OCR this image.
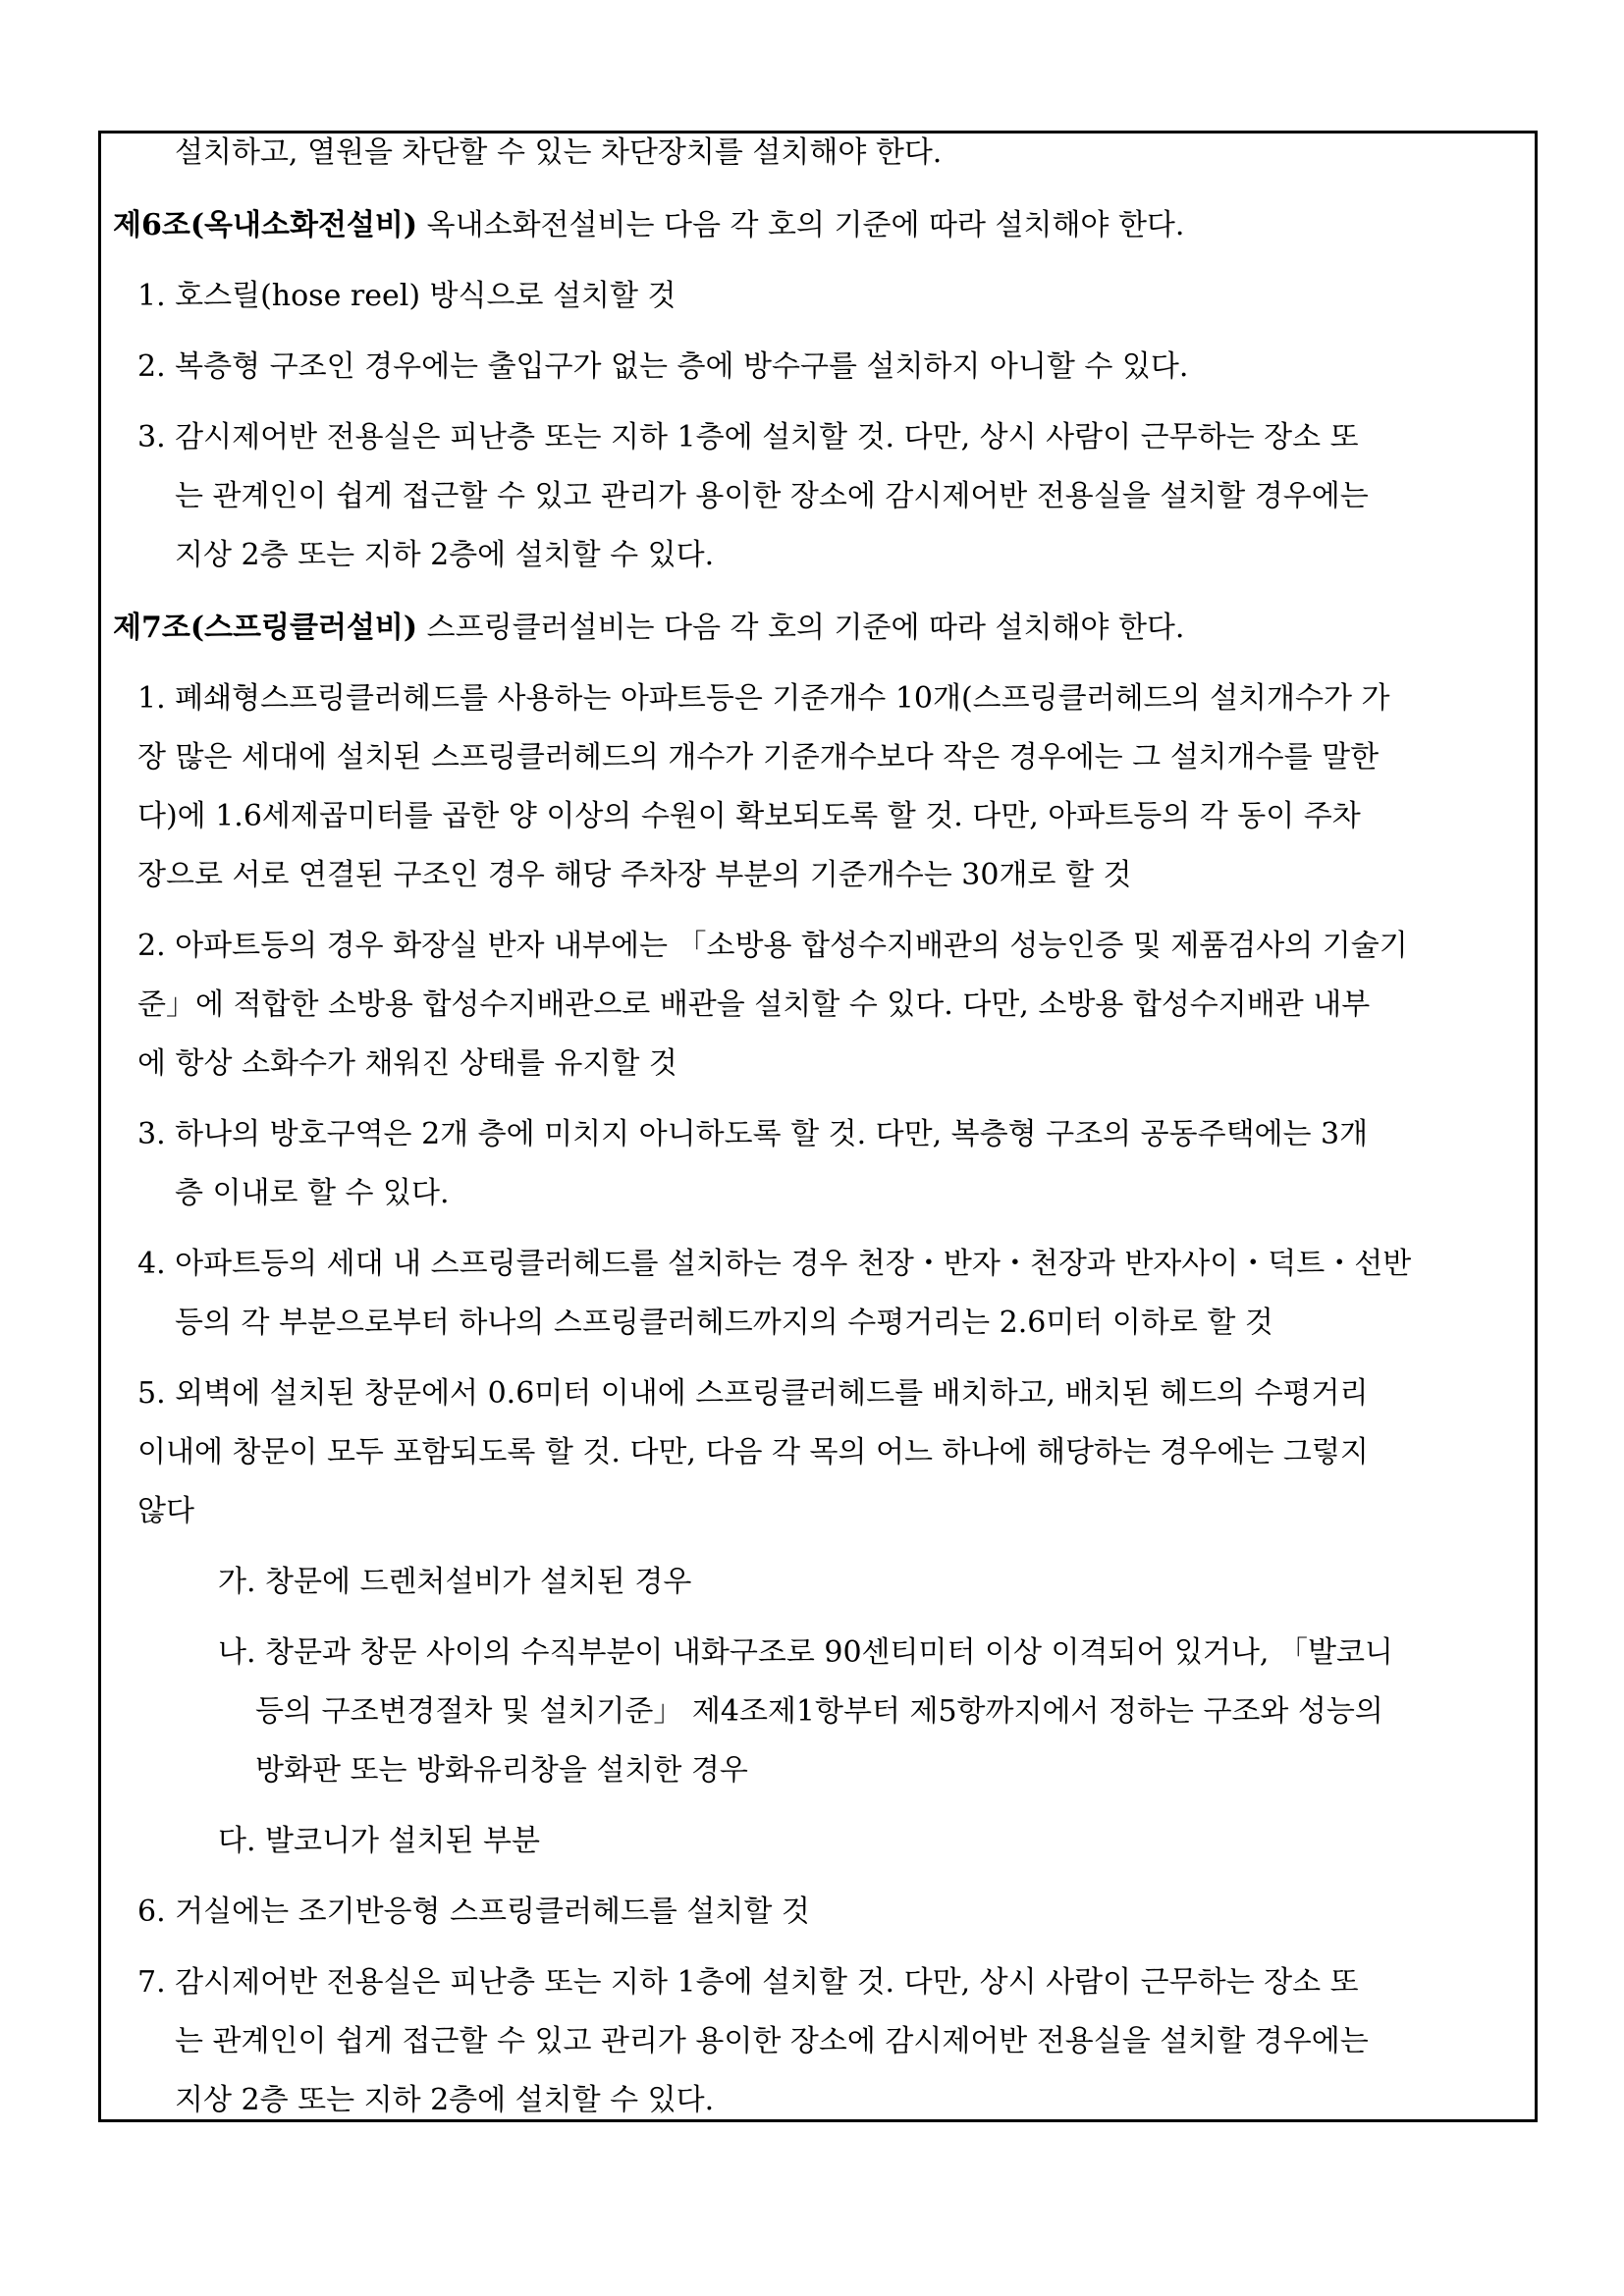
설치하고, 열원을 차단할 수 있는 차단장치를 설치해야 한다.
제6조(옥내소화전설비) 옥내소화전설비는 다음 각 호의 기준에 따라 설치해야 한다.
1. 호스릴(hose reel) 방식으로 설치할 것
2. 복층형 구조인 경우에는 출입구가 없는 층에 방수구를 설치하지 아니할 수 있다.
3. 감시제어반 전용실은 피난층 또는 지하 1층에 설치할 것. 다만, 상시 사람이 근무하는 장소 또
는 관계인이 쉽게 접근할 수 있고 관리가 용이한 장소에 감시제어반 전용실을 설치할 경우에는
지상 2층 또는 지하 2층에 설치할 수 있다.
제7조(스프링클러설비) 스프링클러설비는 다음 각 호의 기준에 따라 설치해야 한다.
1. 폐쇄형스프링클러헤드를 사용하는 아파트등은 기준개수 10개(스프링클러헤드의 설치개수가 가
장 많은 세대에 설치된 스프링클러헤드의 개수가 기준개수보다 작은 경우에는 그 설치개수를 말한
다)에 1.6세제곱미터를 곱한 양 이상의 수원이 확보되도록 할 것. 다만, 아파트등의 각 동이 주차
장으로 서로 연결된 구조인 경우 해당 주차장 부분의 기준개수는 30개로 할 것
2. 아파트등의 경우 화장실 반자 내부에는 「소방용 합성수지배관의 성능인증 및 제품검사의 기술기
준」에 적합한 소방용 합성수지배관으로 배관을 설치할 수 있다. 다만, 소방용 합성수지배관 내부
에 항상 소화수가 채워진 상태를 유지할 것
3. 하나의 방호구역은 2개 층에 미치지 아니하도록 할 것. 다만, 복층형 구조의 공동주택에는 3개
층 이내로 할 수 있다.
4. 아파트등의 세대 내 스프링클러헤드를 설치하는 경우 천장・반자・천장과 반자사이・덕트・선반
등의 각 부분으로부터 하나의 스프링클러헤드까지의 수평거리는 2.6미터 이하로 할 것
5. 외벽에 설치된 창문에서 0.6미터 이내에 스프링클러헤드를 배치하고, 배치된 헤드의 수평거리
이내에 창문이 모두 포함되도록 할 것. 다만, 다음 각 목의 어느 하나에 해당하는 경우에는 그렇지
않다
가. 창문에 드렌처설비가 설치된 경우
나. 창문과 창문 사이의 수직부분이 내화구조로 90센티미터 이상 이격되어 있거나, 「발코니
등의 구조변경절차 및 설치기준」 제4조제1항부터 제5항까지에서 정하는 구조와 성능의
방화판 또는 방화유리창을 설치한 경우
다. 발코니가 설치된 부분
6. 거실에는 조기반응형 스프링클러헤드를 설치할 것
7. 감시제어반 전용실은 피난층 또는 지하 1층에 설치할 것. 다만, 상시 사람이 근무하는 장소 또
는 관계인이 쉽게 접근할 수 있고 관리가 용이한 장소에 감시제어반 전용실을 설치할 경우에는
지상 2층 또는 지하 2층에 설치할 수 있다.
